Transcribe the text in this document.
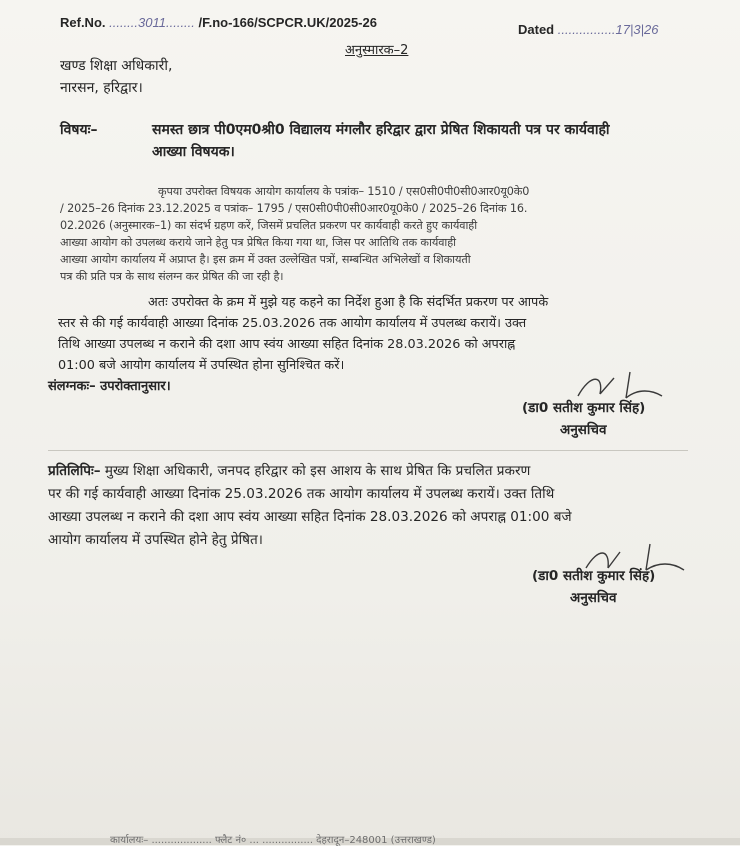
Ref.No. ........3011........ /F.no-166/SCPCR.UK/2025-26	Dated ................17|3|26
अनुस्मारक–2
खण्ड शिक्षा अधिकारी,
नारसन, हरिद्वार।
विषयः–	समस्त छात्र पी0एम0श्री0 विद्यालय मंगलौर हरिद्वार द्वारा प्रेषित शिकायती पत्र पर कार्यवाही
आख्या विषयक।
कृपया उपरोक्त विषयक आयोग कार्यालय के पत्रांक– 1510 / एस0सी0पी0सी0आर0यू0के0
/ 2025–26 दिनांक 23.12.2025 व पत्रांक– 1795 / एस0सी0पी0सी0आर0यू0के0 / 2025–26 दिनांक 16.
02.2026 (अनुस्मारक–1) का संदर्भ ग्रहण करें, जिसमें प्रचलित प्रकरण पर कार्यवाही करते हुए कार्यवाही
आख्या आयोग को उपलब्ध कराये जाने हेतु पत्र प्रेषित किया गया था, जिस पर आतिथि तक कार्यवाही
आख्या आयोग कार्यालय में अप्राप्त है। इस क्रम में उक्त उल्लेखित पत्रों, सम्बन्धित अभिलेखों व शिकायती
पत्र की प्रति पत्र के साथ संलग्न कर प्रेषित की जा रही है।
अतः उपरोक्त के क्रम में मुझे यह कहने का निर्देश हुआ है कि संदर्भित प्रकरण पर आपके
स्तर से की गई कार्यवाही आख्या दिनांक 25.03.2026 तक आयोग कार्यालय में उपलब्ध करायें। उक्त
तिथि आख्या उपलब्ध न कराने की दशा आप स्वंय आख्या सहित दिनांक 28.03.2026 को अपराह्न
01:00 बजे आयोग कार्यालय में उपस्थित होना सुनिश्चित करें।
संलग्नकः– उपरोक्तानुसार।
(डा0 सतीश कुमार सिंह)
अनुसचिव
प्रतिलिपिः– मुख्य शिक्षा अधिकारी, जनपद हरिद्वार को इस आशय के साथ प्रेषित कि प्रचलित प्रकरण
पर की गई कार्यवाही आख्या दिनांक 25.03.2026 तक आयोग कार्यालय में उपलब्ध करायें। उक्त तिथि
आख्या उपलब्ध न कराने की दशा आप स्वंय आख्या सहित दिनांक 28.03.2026 को अपराह्न 01:00 बजे
आयोग कार्यालय में उपस्थित होने हेतु प्रेषित।
(डा0 सतीश कुमार सिंह)
अनुसचिव
कार्यालयः– ................... फ्लैट नं० ... ................ देहरादून–248001 (उत्तराखण्ड)
